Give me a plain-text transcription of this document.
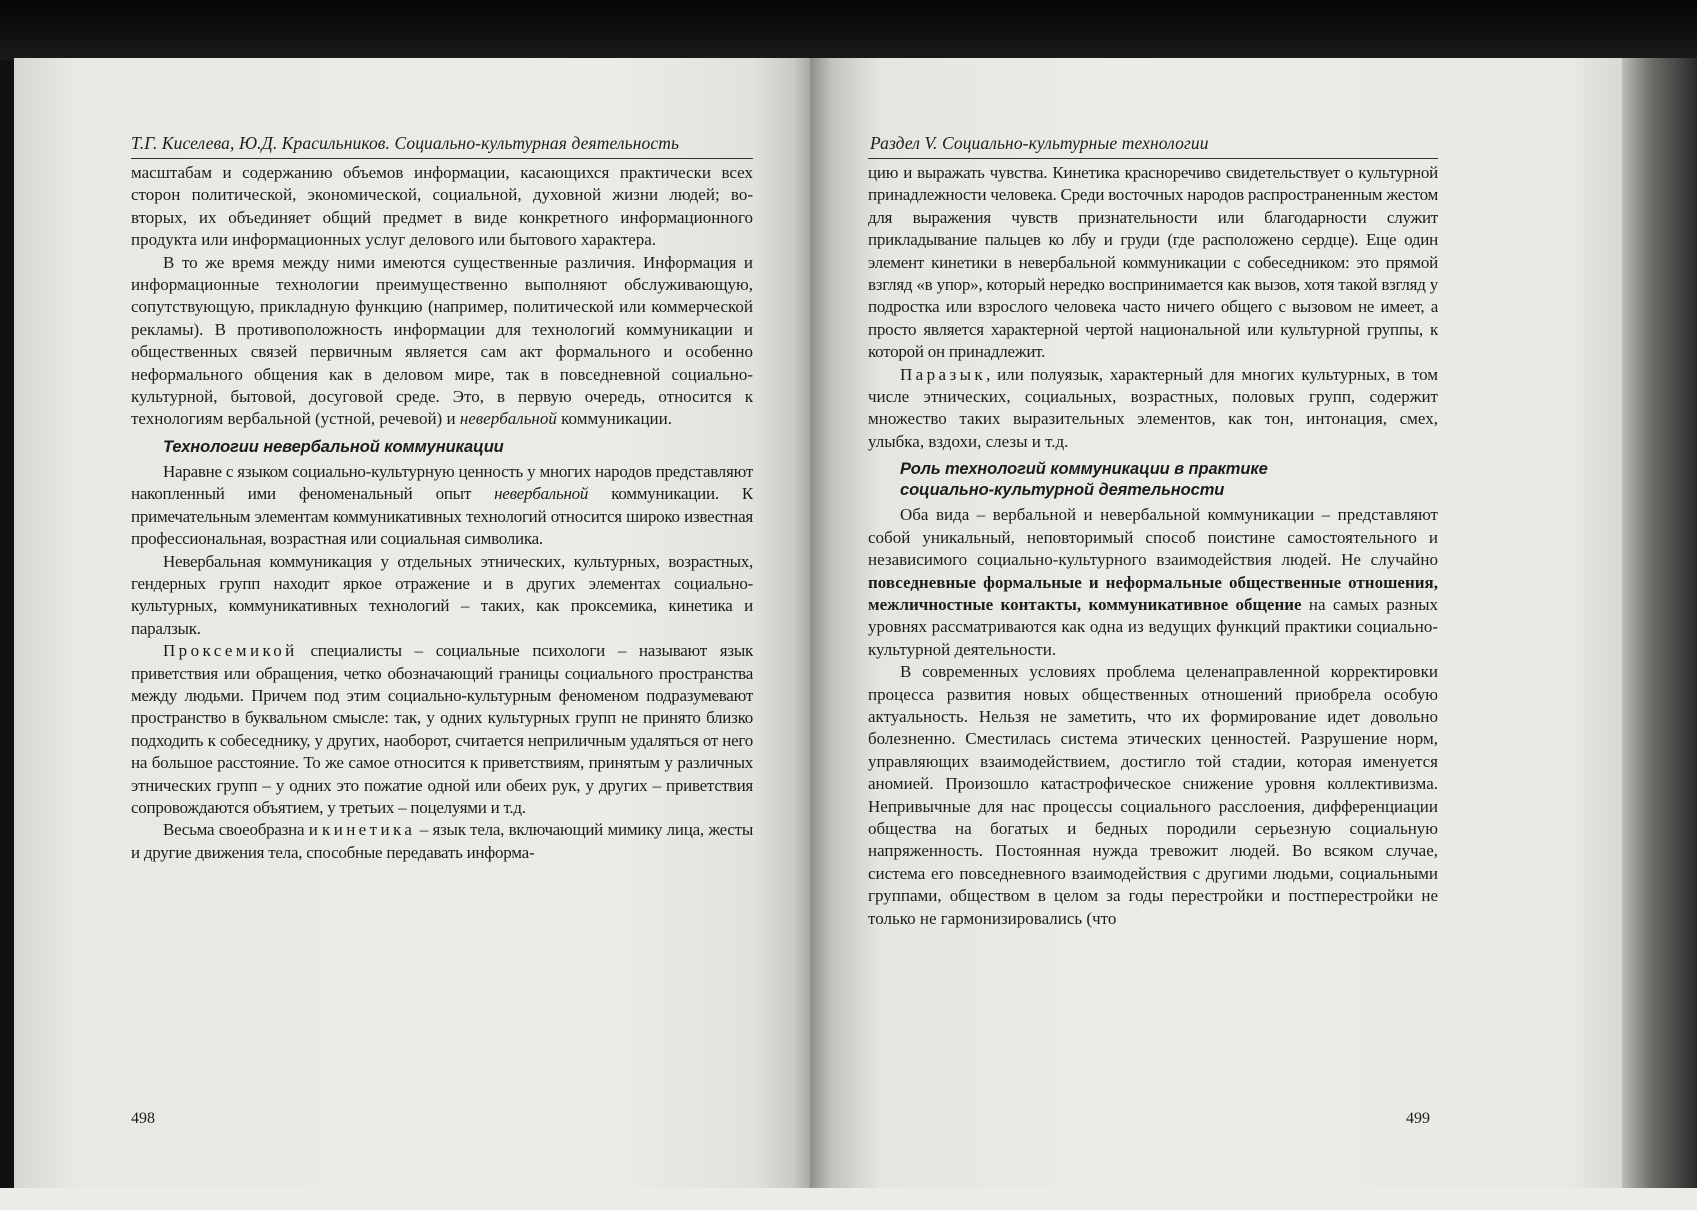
Т.Г. Киселева, Ю.Д. Красильников. Социально-культурная деятельность

масштабам и содержанию объемов информации, касающихся практически всех сторон политической, экономической, социальной, духовной жизни людей; во-вторых, их объединяет общий предмет в виде конкретного информационного продукта или информационных услуг делового или бытового характера.

В то же время между ними имеются существенные различия. Информация и информационные технологии преимущественно выполняют обслуживающую, сопутствующую, прикладную функцию (например, политической или коммерческой рекламы). В противоположность информации для технологий коммуникации и общественных связей первичным является сам акт формального и особенно неформального общения как в деловом мире, так в повседневной социально-культурной, бытовой, досуговой среде. Это, в первую очередь, относится к технологиям вербальной (устной, речевой) и невербальной коммуникации.

Технологии невербальной коммуникации

Наравне с языком социально-культурную ценность у многих народов представляют накопленный ими феноменальный опыт невербальной коммуникации. К примечательным элементам коммуникативных технологий относится широко известная профессиональная, возрастная или социальная символика.

Невербальная коммуникация у отдельных этнических, культурных, возрастных, гендерных групп находит яркое отражение и в других элементах социально-культурных, коммуникативных технологий – таких, как проксемика, кинетика и паралзык.

Проксемикой специалисты – социальные психологи – называют язык приветствия или обращения, четко обозначающий границы социального пространства между людьми. Причем под этим социально-культурным феноменом подразумевают пространство в буквальном смысле: так, у одних культурных групп не принято близко подходить к собеседнику, у других, наоборот, считается неприличным удаляться от него на большое расстояние. То же самое относится к приветствиям, принятым у различных этнических групп – у одних это пожатие одной или обеих рук, у других – приветствия сопровождаются объятием, у третьих – поцелуями и т.д.

Весьма своеобразна и кинетика – язык тела, включающий мимику лица, жесты и другие движения тела, способные передавать информа-

498
Раздел V. Социально-культурные технологии

цию и выражать чувства. Кинетика красноречиво свидетельствует о культурной принадлежности человека. Среди восточных народов распространенным жестом для выражения чувств признательности или благодарности служит прикладывание пальцев ко лбу и груди (где расположено сердце). Еще один элемент кинетики в невербальной коммуникации с собеседником: это прямой взгляд «в упор», который нередко воспринимается как вызов, хотя такой взгляд у подростка или взрослого человека часто ничего общего с вызовом не имеет, а просто является характерной чертой национальной или культурной группы, к которой он принадлежит.

Паразык, или полуязык, характерный для многих культурных, в том числе этнических, социальных, возрастных, половых групп, содержит множество таких выразительных элементов, как тон, интонация, смех, улыбка, вздохи, слезы и т.д.

Роль технологий коммуникации в практике
социально-культурной деятельности

Оба вида – вербальной и невербальной коммуникации – представляют собой уникальный, неповторимый способ поистине самостоятельного и независимого социально-культурного взаимодействия людей. Не случайно повседневные формальные и неформальные общественные отношения, межличностные контакты, коммуникативное общение на самых разных уровнях рассматриваются как одна из ведущих функций практики социально-культурной деятельности.

В современных условиях проблема целенаправленной корректировки процесса развития новых общественных отношений приобрела особую актуальность. Нельзя не заметить, что их формирование идет довольно болезненно. Сместилась система этических ценностей. Разрушение норм, управляющих взаимодействием, достигло той стадии, которая именуется аномией. Произошло катастрофическое снижение уровня коллективизма. Непривычные для нас процессы социального расслоения, дифференциации общества на богатых и бедных породили серьезную социальную напряженность. Постоянная нужда тревожит людей. Во всяком случае, система его повседневного взаимодействия с другими людьми, социальными группами, обществом в целом за годы перестройки и постперестройки не только не гармонизировались (что

499
